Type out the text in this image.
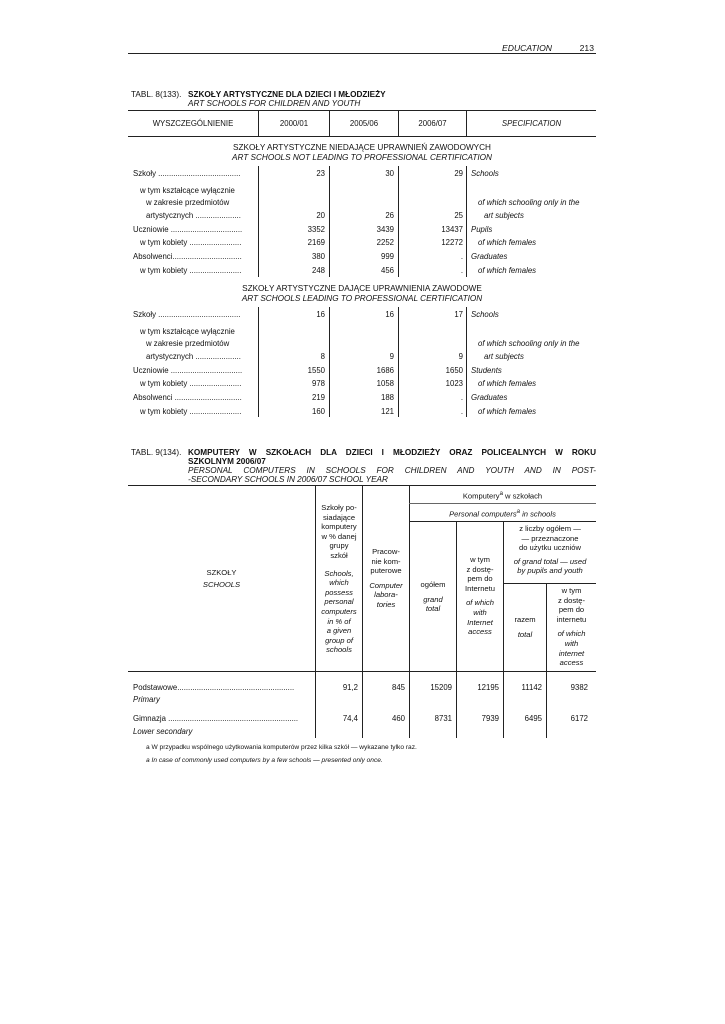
EDUCATION	213
TABL. 8(133). SZKOŁY ARTYSTYCZNE DLA DZIECI I MŁODZIEŻY
ART SCHOOLS FOR CHILDREN AND YOUTH
WYSZCZEGÓLNIENIE	2000/01	2005/06	2006/07	SPECIFICATION
SZKOŁY ARTYSTYCZNE NIEDAJĄCE UPRAWNIEŃ ZAWODOWYCH
ART SCHOOLS NOT LEADING TO PROFESSIONAL CERTIFICATION
Szkoły ......................................	23	30	29 Schools
w tym kształcące wyłącznie
w zakresie przedmiotów
artystycznych .....................	20	26	25
of which schooling only in the
art subjects
Uczniowie .................................	3352	3439	13437 Pupils
w tym kobiety ........................	2169	2252	12272 of which females
Absolwenci................................	380	999	. Graduates
w tym kobiety ........................	248	456	. of which females
SZKOŁY ARTYSTYCZNE DAJĄCE UPRAWNIENIA ZAWODOWE
ART SCHOOLS LEADING TO PROFESSIONAL CERTIFICATION
Szkoły ......................................	16	16	17 Schools
w tym kształcące wyłącznie
w zakresie przedmiotów
artystycznych .....................	8	9	9
of which schooling only in the
art subjects
Uczniowie .................................	1550	1686	1650 Students
w tym kobiety ........................	978	1058	1023 of which females
Absolwenci ...............................	219	188	. Graduates
w tym kobiety ........................	160	121	. of which females
TABL. 9(134). KOMPUTERY W SZKOŁACH DLA DZIECI I MŁODZIEŻY ORAZ POLICEALNYCH W ROKU
SZKOLNYM 2006/07
PERSONAL COMPUTERS IN SCHOOLS FOR CHILDREN AND YOUTH AND IN POST-
-SECONDARY SCHOOLS IN 2006/07 SCHOOL YEAR
SZKOŁY
SCHOOLS
Szkoły po-
siadające
komputery
w % danej
grupy
szkół
Schools,
which
possess
personal
computers
in % of
a given
group of
schools
Pracow-
nie kom-
puterowe
Computer
labora-
tories
Komputery$^a$ w szkołach
Personal computers$^a$ in schools
ogółem
grand
total
w tym
z dostę-
pem do
Internetu
of which
with
Internet
access
z liczby ogółem —
— przeznaczone
do użytku uczniów
of grand total — used
by pupils and youth
razem
total
w tym
z dostę-
pem do
internetu
of which
with
internet
access
Podstawowe......................................................
Primary
91,2	845	15209	12195	11142	9382
Gimnazja ............................................................
Lower secondary
74,4	460	8731	7939	6495	6172
a W przypadku wspólnego użytkowania komputerów przez kilka szkół — wykazane tylko raz.
a In case of commonly used computers by a few schools — presented only once.
